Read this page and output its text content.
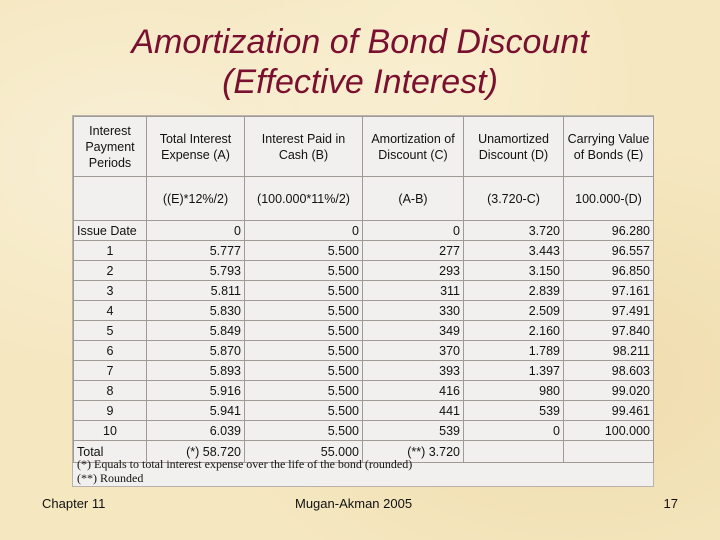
Amortization of Bond Discount
(Effective Interest)
Interest Payment Periods	Total Interest Expense (A)	Interest Paid in Cash (B)	Amortization of Discount (C)	Unamortized Discount (D)	Carrying Value of Bonds (E)
	((E)*12%/2)	(100.000*11%/2)	(A-B)	(3.720-C)	100.000-(D)
Issue Date	0	0	0	3.720	96.280
1	5.777	5.500	277	3.443	96.557
2	5.793	5.500	293	3.150	96.850
3	5.811	5.500	311	2.839	97.161
4	5.830	5.500	330	2.509	97.491
5	5.849	5.500	349	2.160	97.840
6	5.870	5.500	370	1.789	98.211
7	5.893	5.500	393	1.397	98.603
8	5.916	5.500	416	980	99.020
9	5.941	5.500	441	539	99.461
10	6.039	5.500	539	0	100.000
Total	(*) 58.720	55.000	(**) 3.720		
(*) Equals to total interest expense over the life of the bond (rounded)
(**) Rounded
Chapter 11	Mugan-Akman 2005	17
